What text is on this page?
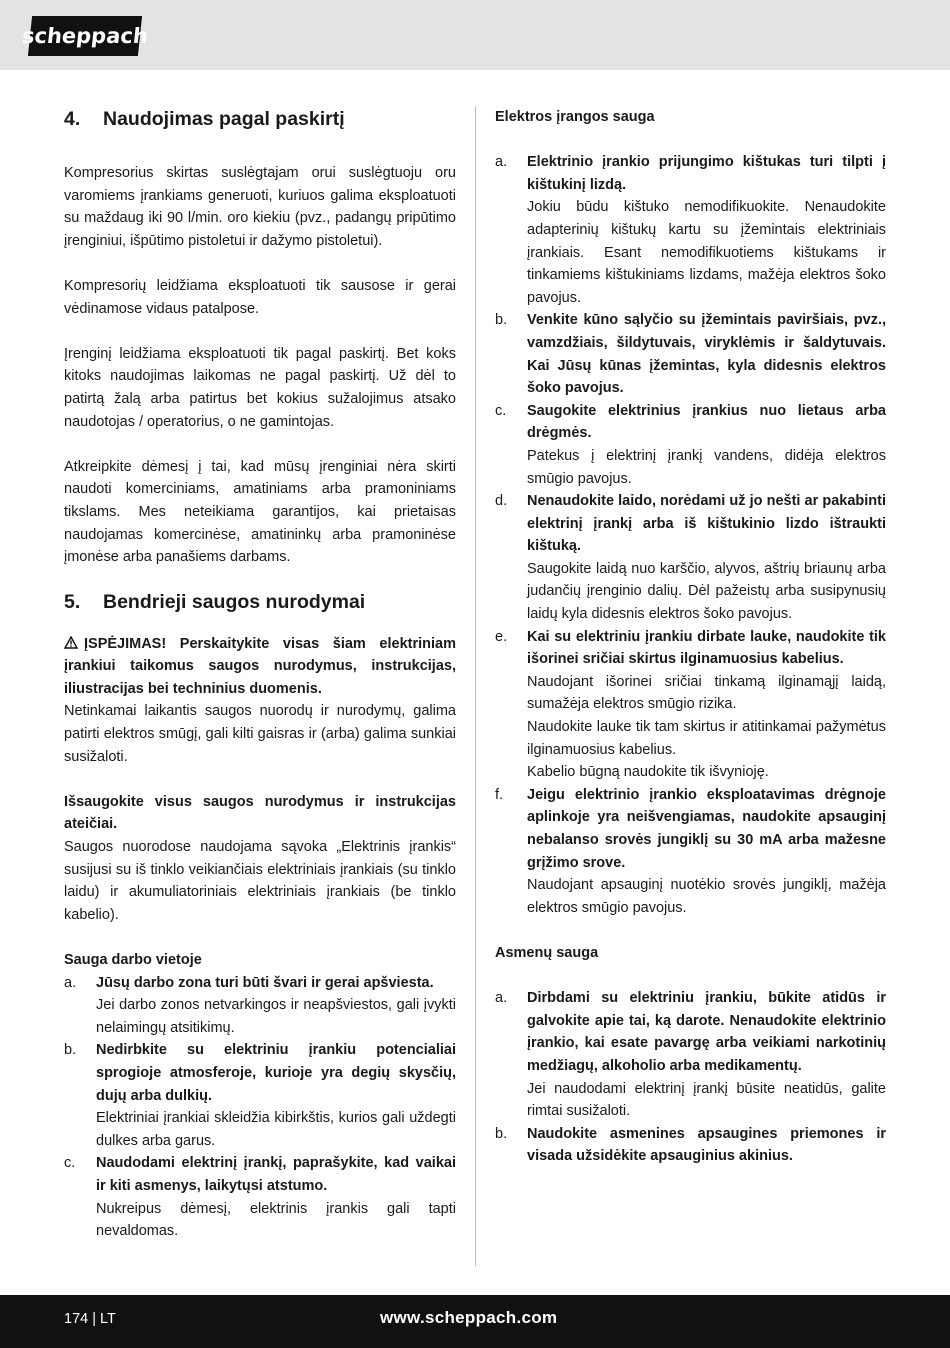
scheppach
4.	Naudojimas pagal paskirtį

Kompresorius skirtas suslėgtajam orui suslėgtuoju oru varomiems įrankiams generuoti, kuriuos galima eksploatuoti su maždaug iki 90 l/min. oro kiekiu (pvz., padangų pripūtimo įrenginiui, išpūtimo pistoletui ir dažymo pistoletui).

Kompresorių leidžiama eksploatuoti tik sausose ir gerai vėdinamose vidaus patalpose.

Įrenginį leidžiama eksploatuoti tik pagal paskirtį. Bet koks kitoks naudojimas laikomas ne pagal paskirtį. Už dėl to patirtą žalą arba patirtus bet kokius sužalojimus atsako naudotojas / operatorius, o ne gamintojas.

Atkreipkite dėmesį į tai, kad mūsų įrenginiai nėra skirti naudoti komerciniams, amatiniams arba pramoniniams tikslams. Mes neteikiama garantijos, kai prietaisas naudojamas komercinėse, amatininkų arba pramoninėse įmonėse arba panašiems darbams.

5.	Bendrieji saugos nurodymai

ĮSPĖJIMAS! Perskaitykite visas šiam elektriniam įrankiui taikomus saugos nurodymus, instrukcijas, iliustracijas bei techninius duomenis.

Netinkamai laikantis saugos nuorodų ir nurodymų, galima patirti elektros smūgį, gali kilti gaisras ir (arba) galima sunkiai susižaloti.

Išsaugokite visus saugos nurodymus ir instrukcijas ateičiai.

Saugos nuorodose naudojama sąvoka „Elektrinis įrankis“ susijusi su iš tinklo veikiančiais elektriniais įrankiais (su tinklo laidu) ir akumuliatoriniais elektriniais įrankiais (be tinklo kabelio).

Sauga darbo vietoje

a.	Jūsų darbo zona turi būti švari ir gerai apšviesta.

Jei darbo zonos netvarkingos ir neapšviestos, gali įvykti nelaimingų atsitikimų.

b.	Nedirbkite su elektriniu įrankiu potencialiai sprogioje atmosferoje, kurioje yra degių skysčių, dujų arba dulkių.

Elektriniai įrankiai skleidžia kibirkštis, kurios gali uždegti dulkes arba garus.

c.	Naudodami elektrinį įrankį, paprašykite, kad vaikai ir kiti asmenys, laikytųsi atstumo.

Nukreipus dėmesį, elektrinis įrankis gali tapti nevaldomas.

Elektros įrangos sauga

a.	Elektrinio įrankio prijungimo kištukas turi tilpti į kištukinį lizdą.

Jokiu būdu kištuko nemodifikuokite. Nenaudokite adapterinių kištukų kartu su įžemintais elektriniais įrankiais. Esant nemodifikuotiems kištukams ir tinkamiems kištukiniams lizdams, mažėja elektros šoko pavojus.

b.	Venkite kūno sąlyčio su įžemintais paviršiais, pvz., vamzdžiais, šildytuvais, viryklėmis ir šaldytuvais. Kai Jūsų kūnas įžemintas, kyla didesnis elektros šoko pavojus.

c.	Saugokite elektrinius įrankius nuo lietaus arba drėgmės.

Patekus į elektrinį įrankį vandens, didėja elektros smūgio pavojus.

d.	Nenaudokite laido, norėdami už jo nešti ar pakabinti elektrinį įrankį arba iš kištukinio lizdo ištraukti kištuką.

Saugokite laidą nuo karščio, alyvos, aštrių briaunų arba judančių įrenginio dalių. Dėl pažeistų arba susipynusių laidų kyla didesnis elektros šoko pavojus.

e.	Kai su elektriniu įrankiu dirbate lauke, naudokite tik išorinei sričiai skirtus ilginamuosius kabelius.

Naudojant išorinei sričiai tinkamą ilginamąjį laidą, sumažėja elektros smūgio rizika.

Naudokite lauke tik tam skirtus ir atitinkamai pažymėtus ilginamuosius kabelius.

Kabelio būgną naudokite tik išvynioję.

f.	Jeigu elektrinio įrankio eksploatavimas drėgnoje aplinkoje yra neišvengiamas, naudokite apsauginį nebalanso srovės jungiklį su 30 mA arba mažesne grįžimo srove.

Naudojant apsauginį nuotėkio srovės jungiklį, mažėja elektros smūgio pavojus.

Asmenų sauga

a.	Dirbdami su elektriniu įrankiu, būkite atidūs ir galvokite apie tai, ką darote. Nenaudokite elektrinio įrankio, kai esate pavargę arba veikiami narkotinių medžiagų, alkoholio arba medikamentų.

Jei naudodami elektrinį įrankį būsite neatidūs, galite rimtai susižaloti.

b.	Naudokite asmenines apsaugines priemones ir visada užsidėkite apsauginius akinius.

174 | LT	www.scheppach.com
